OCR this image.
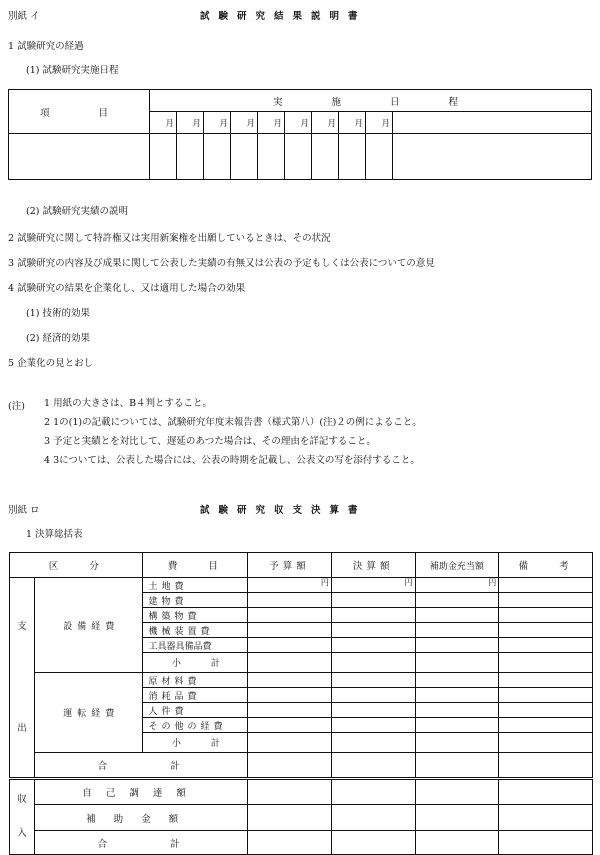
別紙 イ	試験研究結果説明書
1 試験研究の経過
(1) 試験研究実施日程
項　　目	実　　施　　日　　程									
	月	月	月	月	月	月	月	月	月	

(2) 試験研究実績の説明
2 試験研究に関して特許権又は実用新案権を出願しているときは、その状況
3 試験研究の内容及び成果に関して公表した実績の有無又は公表の予定もしくは公表についての意見
4 試験研究の結果を企業化し、又は適用した場合の効果
(1) 技術的効果
(2) 経済的効果
5 企業化の見とおし
(注) 1 用紙の大きさは、B４判とすること。
2 1の(1)の記載については、試験研究年度末報告書（様式第八）(注)２の例によること。
3 予定と実績とを対比して、遅延のあつた場合は、その理由を詳記すること。
4 3については、公表した場合には、公表の時期を記載し、公表文の写を添付すること。
別紙 ロ	試験研究収支決算書
1 決算総括表
区　　分		費　　目	予算額	決算額	補助金充当額	備　　考

支
出	設備経費	土地費	円	円	円	
		建物費				
		構築物費				
		機械装置費				
		工具器具備品費				
		小　　計				
	運転経費	原材料費				
		消耗品費				
		人件費				
		その他の経費				
		小　　計				
	合　　　　計					

収
入	自己調達額					
	補助金額					
	合　　　　計					
